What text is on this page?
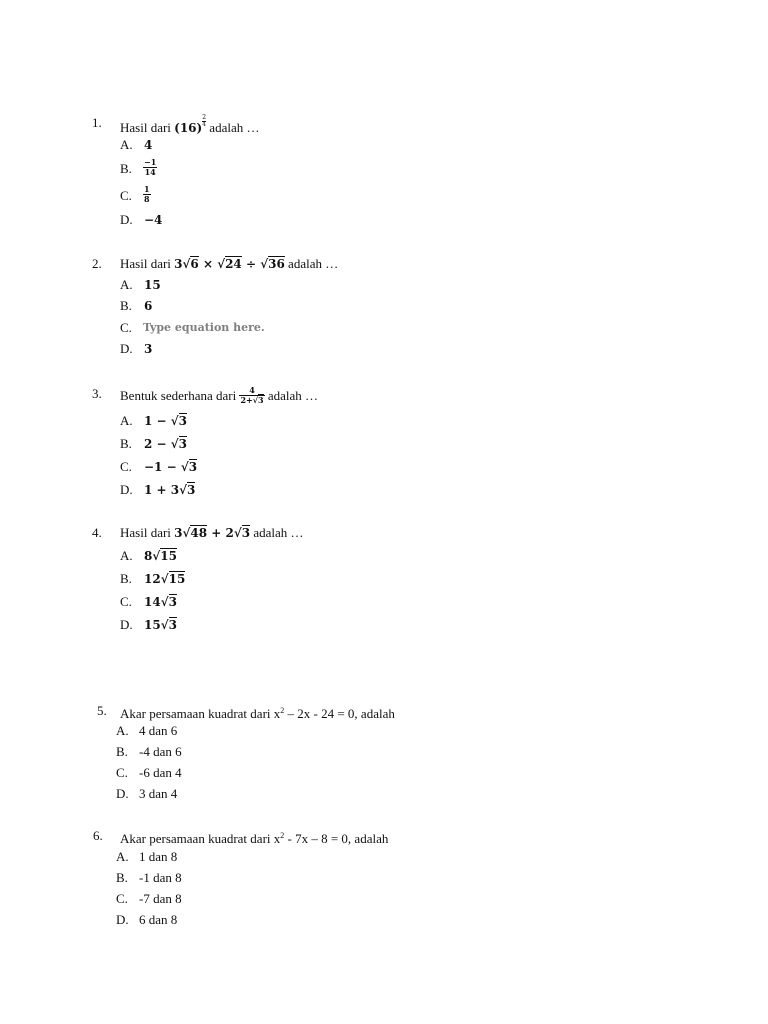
1. Hasil dari $(16) \frac{2}{4}$ adalah …
A. 4
B. $\frac{-1}{14}$
C. $\frac{1}{8}$
D. −4
2. Hasil dari 3√6 × √24 ÷ √36 adalah …
A. 15
B. 6
C. Type equation here.
D. 3
3. Bentuk sederhana dari $\frac{4}{2+√3}$ adalah …
A. 1 − √3
B. 2 − √3
C. −1 − √3
D. 1 + 3√3
4. Hasil dari 3√48 + 2√3 adalah …
A. 8√15
B. 12√15
C. 14√3
D. 15√3
5. Akar persamaan kuadrat dari $x^2 - 2x - 24 = 0$, adalah
A. 4 dan 6
B. -4 dan 6
C. -6 dan 4
D. 3 dan 4
6. Akar persamaan kuadrat dari $x^2 - 7x - 8 = 0$, adalah
A. 1 dan 8
B. -1 dan 8
C. -7 dan 8
D. 6 dan 8
